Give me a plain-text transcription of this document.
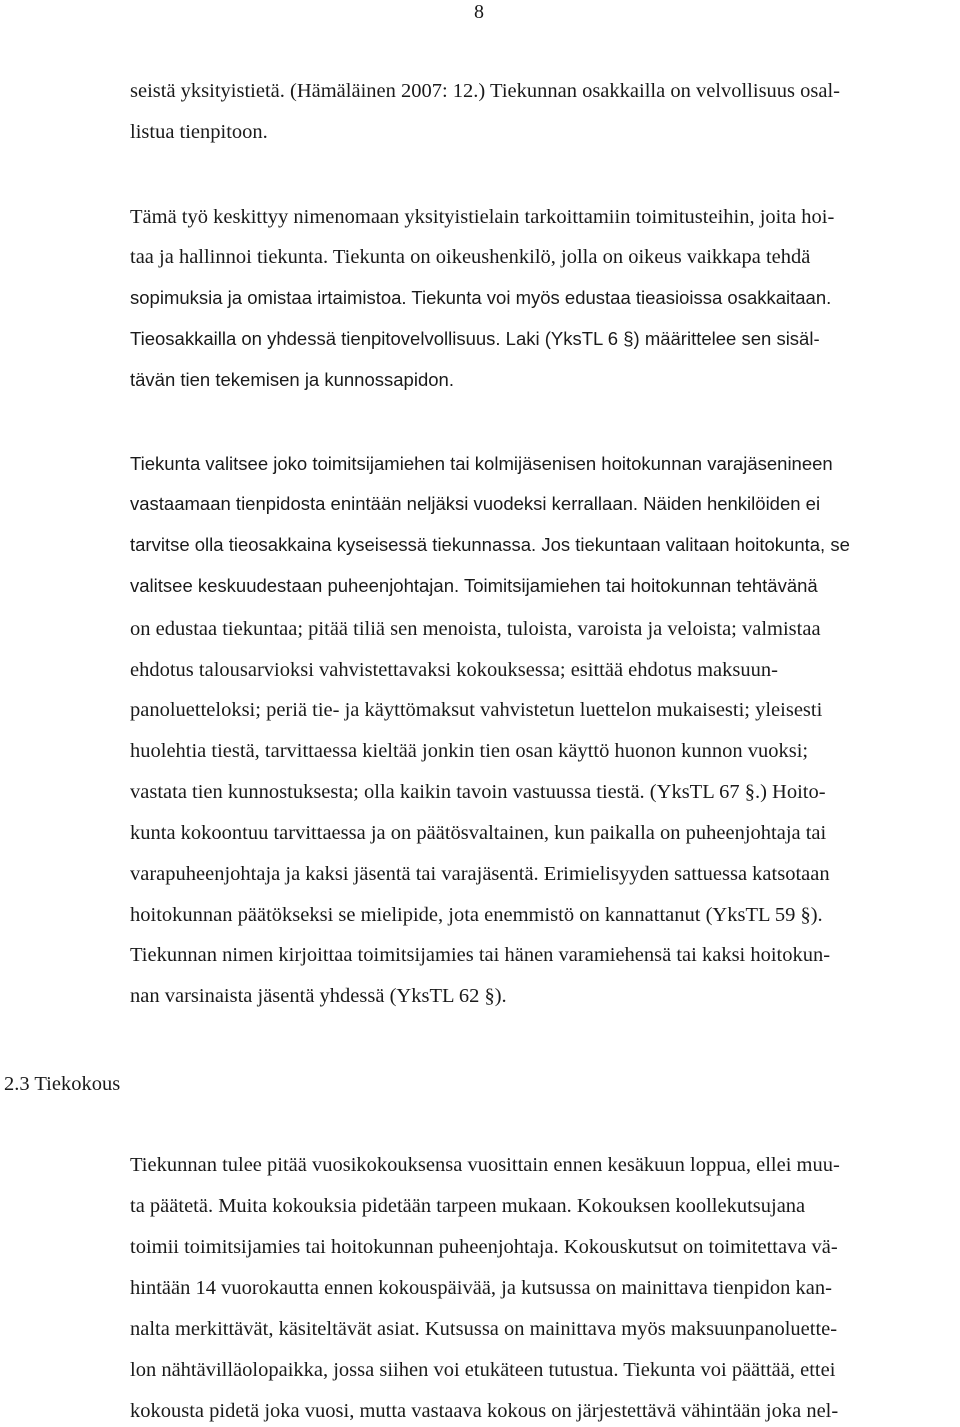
8
seistä yksityistietä. (Hämäläinen 2007: 12.) Tiekunnan osakkailla on velvollisuus osal-
listua tienpitoon.
Tämä työ keskittyy nimenomaan yksityistielain tarkoittamiin toimitusteihin, joita hoi-
taa ja hallinnoi tiekunta. Tiekunta on oikeushenkilö, jolla on oikeus vaikkapa tehdä
sopimuksia ja omistaa irtaimistoa. Tiekunta voi myös edustaa tieasioissa osakkaitaan.
Tieosakkailla on yhdessä tienpitovelvollisuus. Laki (YksTL 6 §) määrittelee sen sisäl-
tävän tien tekemisen ja kunnossapidon.
Tiekunta valitsee joko toimitsijamiehen tai kolmijäsenisen hoitokunnan varajäsenineen
vastaamaan tienpidosta enintään neljäksi vuodeksi kerrallaan. Näiden henkilöiden ei
tarvitse olla tieosakkaina kyseisessä tiekunnassa. Jos tiekuntaan valitaan hoitokunta, se
valitsee keskuudestaan puheenjohtajan. Toimitsijamiehen tai hoitokunnan tehtävänä
on edustaa tiekuntaa; pitää tiliä sen menoista, tuloista, varoista ja veloista; valmistaa
ehdotus talousarvioksi vahvistettavaksi kokouksessa; esittää ehdotus maksuun-
panoluetteloksi; periä tie- ja käyttömaksut vahvistetun luettelon mukaisesti; yleisesti
huolehtia tiestä, tarvittaessa kieltää jonkin tien osan käyttö huonon kunnon vuoksi;
vastata tien kunnostuksesta; olla kaikin tavoin vastuussa tiestä. (YksTL 67 §.) Hoito-
kunta kokoontuu tarvittaessa ja on päätösvaltainen, kun paikalla on puheenjohtaja tai
varapuheenjohtaja ja kaksi jäsentä tai varajäsentä. Erimielisyyden sattuessa katsotaan
hoitokunnan päätökseksi se mielipide, jota enemmistö on kannattanut (YksTL 59 §).
Tiekunnan nimen kirjoittaa toimitsijamies tai hänen varamiehensä tai kaksi hoitokun-
nan varsinaista jäsentä yhdessä (YksTL 62 §).
2.3 Tiekokous
Tiekunnan tulee pitää vuosikokouksensa vuosittain ennen kesäkuun loppua, ellei muu-
ta päätetä. Muita kokouksia pidetään tarpeen mukaan. Kokouksen koollekutsujana
toimii toimitsijamies tai hoitokunnan puheenjohtaja. Kokouskutsut on toimitettava vä-
hintään 14 vuorokautta ennen kokouspäivää, ja kutsussa on mainittava tienpidon kan-
nalta merkittävät, käsiteltävät asiat. Kutsussa on mainittava myös maksuunpanoluette-
lon nähtävilläolopaikka, jossa siihen voi etukäteen tutustua. Tiekunta voi päättää, ettei
kokousta pidetä joka vuosi, mutta vastaava kokous on järjestettävä vähintään joka nel-
